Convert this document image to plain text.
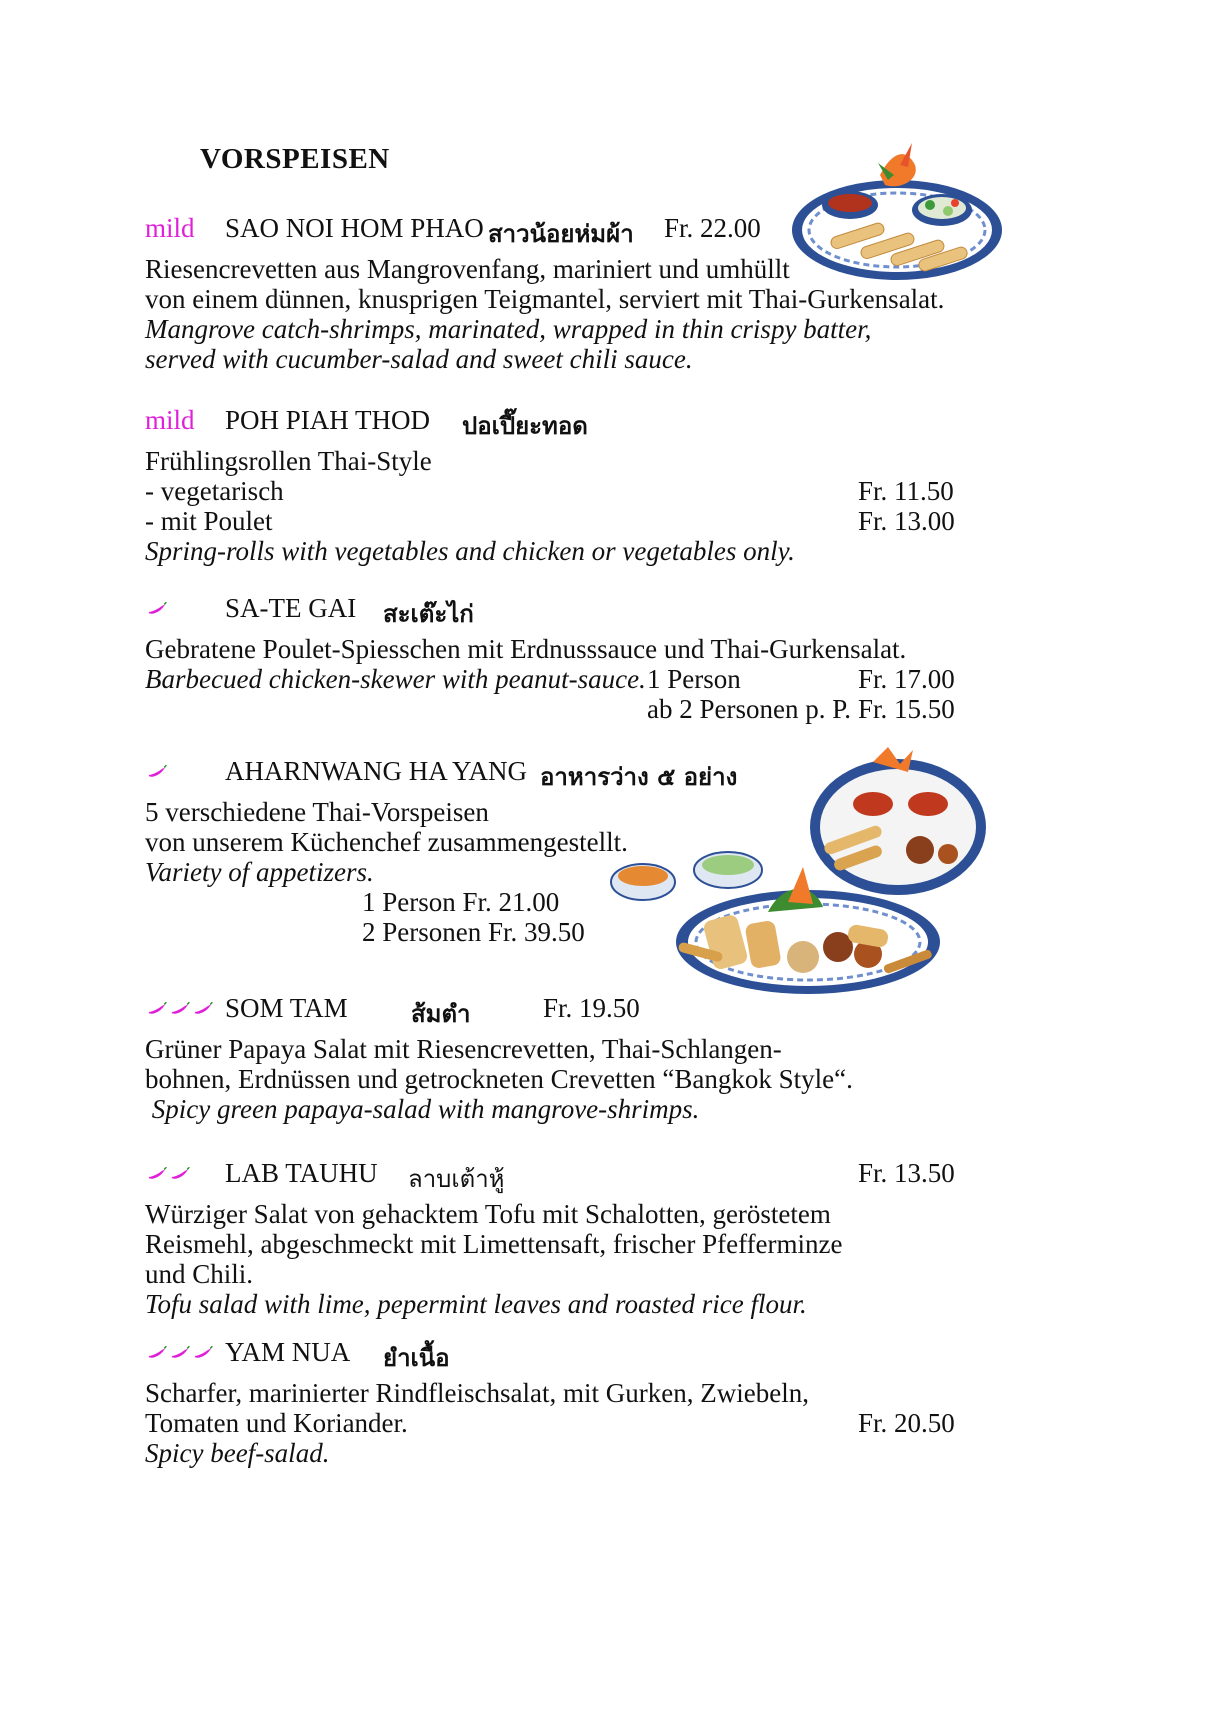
VORSPEISEN
mild SAO NOI HOM PHAO สาวน้อยห่มผ้า Fr. 22.00
Riesencrevetten aus Mangrovenfang, mariniert und umhüllt
von einem dünnen, knusprigen Teigmantel, serviert mit Thai-Gurkensalat.
Mangrove catch-shrimps, marinated, wrapped in thin crispy batter,
served with cucumber-salad and sweet chili sauce.
mild POH PIAH THOD ปอเปี๊ยะทอด
Frühlingsrollen Thai-Style
- vegetarisch	Fr. 11.50
- mit Poulet	Fr. 13.00
Spring-rolls with vegetables and chicken or vegetables only.
SA-TE GAI สะเต๊ะไก่
Gebratene Poulet-Spiesschen mit Erdnusssauce und Thai-Gurkensalat.
Barbecued chicken-skewer with peanut-sauce. 1 Person	Fr. 17.00
ab 2 Personen p. P. Fr. 15.50
AHARNWANG HA YANG อาหารว่าง ๕ อย่าง
5 verschiedene Thai-Vorspeisen
von unserem Küchenchef zusammengestellt.
Variety of appetizers.
1 Person Fr. 21.00
2 Personen Fr. 39.50
SOM TAM	ส้มตำ	Fr. 19.50
Grüner Papaya Salat mit Riesencrevetten, Thai-Schlangen-
bohnen, Erdnüssen und getrockneten Crevetten “Bangkok Style“.
Spicy green papaya-salad with mangrove-shrimps.
LAB TAUHU ลาบเต้าหู้	Fr. 13.50
Würziger Salat von gehacktem Tofu mit Schalotten, geröstetem
Reismehl, abgeschmeckt mit Limettensaft, frischer Pfefferminze
und Chili.
Tofu salad with lime, pepermint leaves and roasted rice flour.
YAM NUA ยำเนื้อ
Scharfer, marinierter Rindfleischsalat, mit Gurken, Zwiebeln,
Tomaten und Koriander.	Fr. 20.50
Spicy beef-salad.
